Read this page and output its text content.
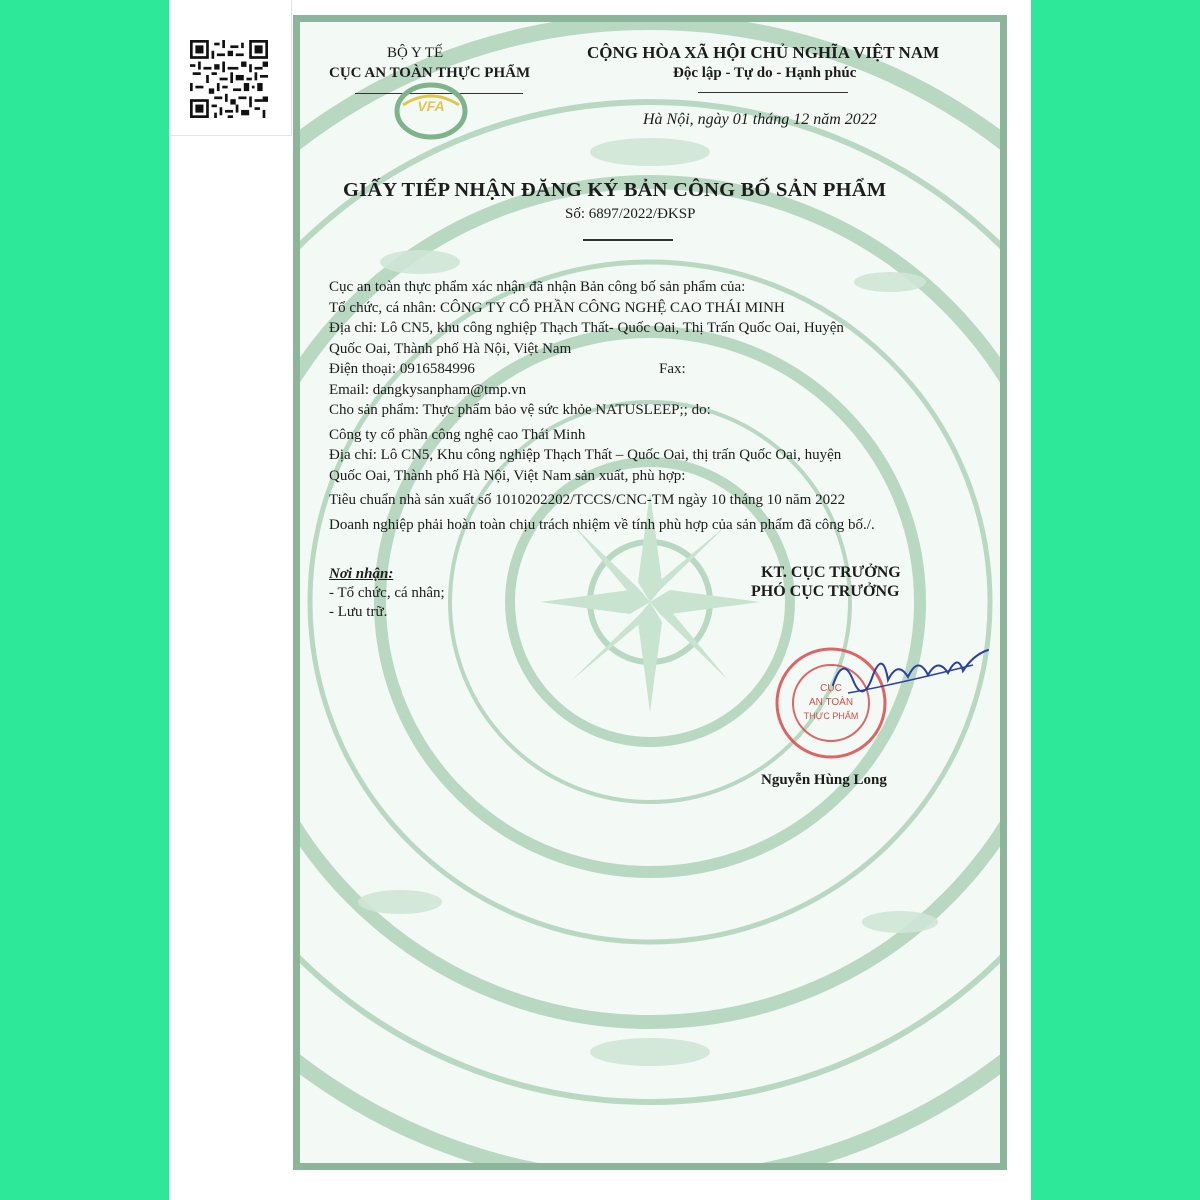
BỘ Y TẾ
CỤC AN TOÀN THỰC PHẨM
VFA
CỘNG HÒA XÃ HỘI CHỦ NGHĨA VIỆT NAM
Độc lập - Tự do - Hạnh phúc
Hà Nội, ngày 01 tháng 12 năm 2022
GIẤY TIẾP NHẬN ĐĂNG KÝ BẢN CÔNG BỐ SẢN PHẨM
Số: 6897/2022/ĐKSP

Cục an toàn thực phẩm xác nhận đã nhận Bản công bố sản phẩm của:

Tổ chức, cá nhân: CÔNG TY CỔ PHẦN CÔNG NGHỆ CAO THÁI MINH

Địa chỉ: Lô CN5, khu công nghiệp Thạch Thất- Quốc Oai, Thị Trấn Quốc Oai, Huyện

Quốc Oai, Thành phố Hà Nội, Việt Nam

Điện thoại: 0916584996	Fax:

Email: dangkysanpham@tmp.vn

Cho sản phẩm: Thực phẩm bảo vệ sức khỏe NATUSLEEP;; do:

Công ty cổ phần công nghệ cao Thái Minh

Địa chỉ: Lô CN5, Khu công nghiệp Thạch Thất – Quốc Oai, thị trấn Quốc Oai, huyện

Quốc Oai, Thành phố Hà Nội, Việt Nam sản xuất, phù hợp:

Tiêu chuẩn nhà sản xuất số 1010202202/TCCS/CNC-TM ngày 10 tháng 10 năm 2022

Doanh nghiệp phải hoàn toàn chịu trách nhiệm về tính phù hợp của sản phẩm đã công bố./.

Nơi nhận:
- Tổ chức, cá nhân;
- Lưu trữ.
KT. CỤC TRƯỞNG
PHÓ CỤC TRƯỞNG
CỤC
AN TOÀN
THỰC PHẨM
Nguyễn Hùng Long
